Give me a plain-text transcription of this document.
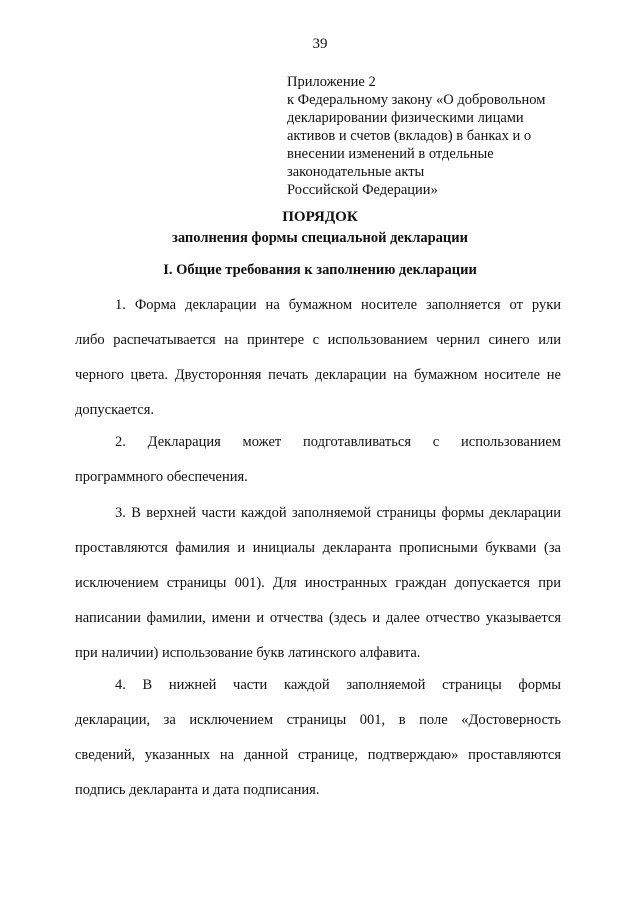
39
Приложение 2
к Федеральному закону «О добровольном
декларировании физическими лицами
активов и счетов (вкладов) в банках и о
внесении изменений в отдельные
законодательные акты
Российской Федерации»
ПОРЯДОК
заполнения формы специальной декларации
I. Общие требования к заполнению декларации
1. Форма декларации на бумажном носителе заполняется от руки
либо распечатывается на принтере с использованием чернил синего или
черного цвета. Двусторонняя печать декларации на бумажном носителе не
допускается.
2. Декларация может подготавливаться с использованием
программного обеспечения.
3. В верхней части каждой заполняемой страницы формы декларации
проставляются фамилия и инициалы декларанта прописными буквами (за
исключением страницы 001). Для иностранных граждан допускается при
написании фамилии, имени и отчества (здесь и далее отчество указывается
при наличии) использование букв латинского алфавита.
4. В нижней части каждой заполняемой страницы формы
декларации, за исключением страницы 001, в поле «Достоверность
сведений, указанных на данной странице, подтверждаю» проставляются
подпись декларанта и дата подписания.
